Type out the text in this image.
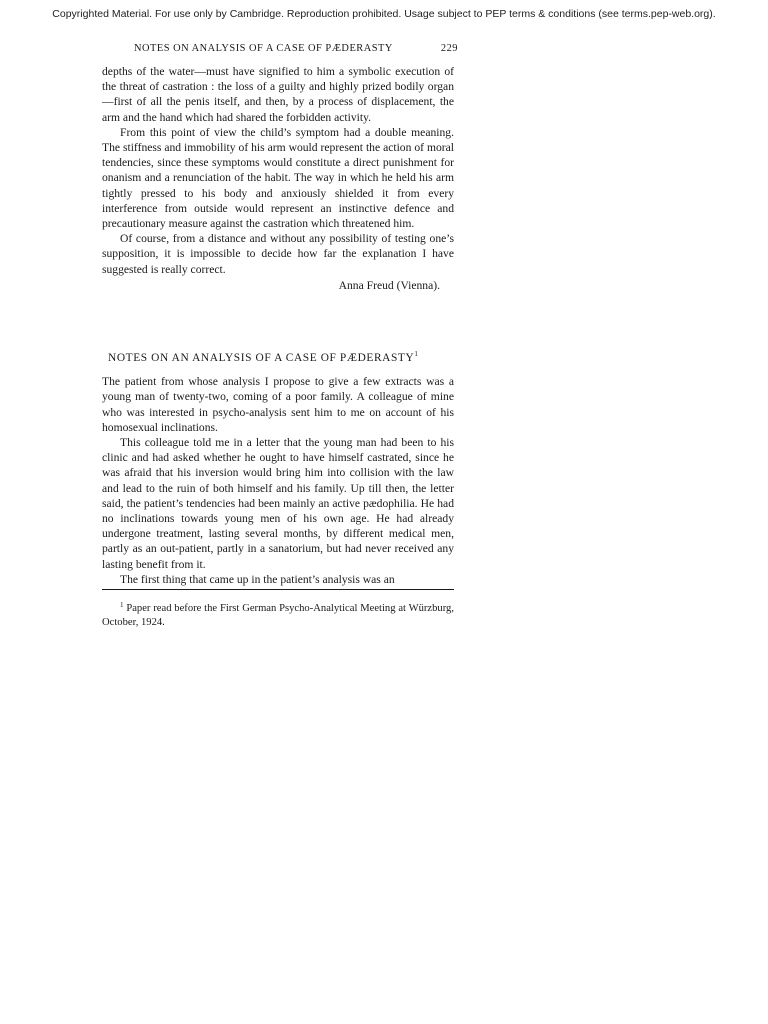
Copyrighted Material. For use only by Cambridge. Reproduction prohibited. Usage subject to PEP terms & conditions (see terms.pep-web.org).
NOTES ON ANALYSIS OF A CASE OF PÆDERASTY	229

depths of the water—must have signified to him a symbolic execution of the threat of castration : the loss of a guilty and highly prized bodily organ—first of all the penis itself, and then, by a process of displacement, the arm and the hand which had shared the forbidden activity.

From this point of view the child’s symptom had a double meaning. The stiffness and immobility of his arm would represent the action of moral tendencies, since these symptoms would constitute a direct punishment for onanism and a renunciation of the habit. The way in which he held his arm tightly pressed to his body and anxiously shielded it from every interference from outside would represent an instinctive defence and precautionary measure against the castration which threatened him.

Of course, from a distance and without any possibility of testing one’s supposition, it is impossible to decide how far the explanation I have suggested is really correct.

Anna Freud (Vienna).
NOTES ON AN ANALYSIS OF A CASE OF PÆDERASTY$^1$

The patient from whose analysis I propose to give a few extracts was a young man of twenty-two, coming of a poor family. A colleague of mine who was interested in psycho-analysis sent him to me on account of his homosexual inclinations.

This colleague told me in a letter that the young man had been to his clinic and had asked whether he ought to have himself castrated, since he was afraid that his inversion would bring him into collision with the law and lead to the ruin of both himself and his family. Up till then, the letter said, the patient’s tendencies had been mainly an active pædophilia. He had no inclinations towards young men of his own age. He had already undergone treatment, lasting several months, by different medical men, partly as an out-patient, partly in a sanatorium, but had never received any lasting benefit from it.

The first thing that came up in the patient’s analysis was an

$^1$ Paper read before the First German Psycho-Analytical Meeting at Würzburg, October, 1924.
